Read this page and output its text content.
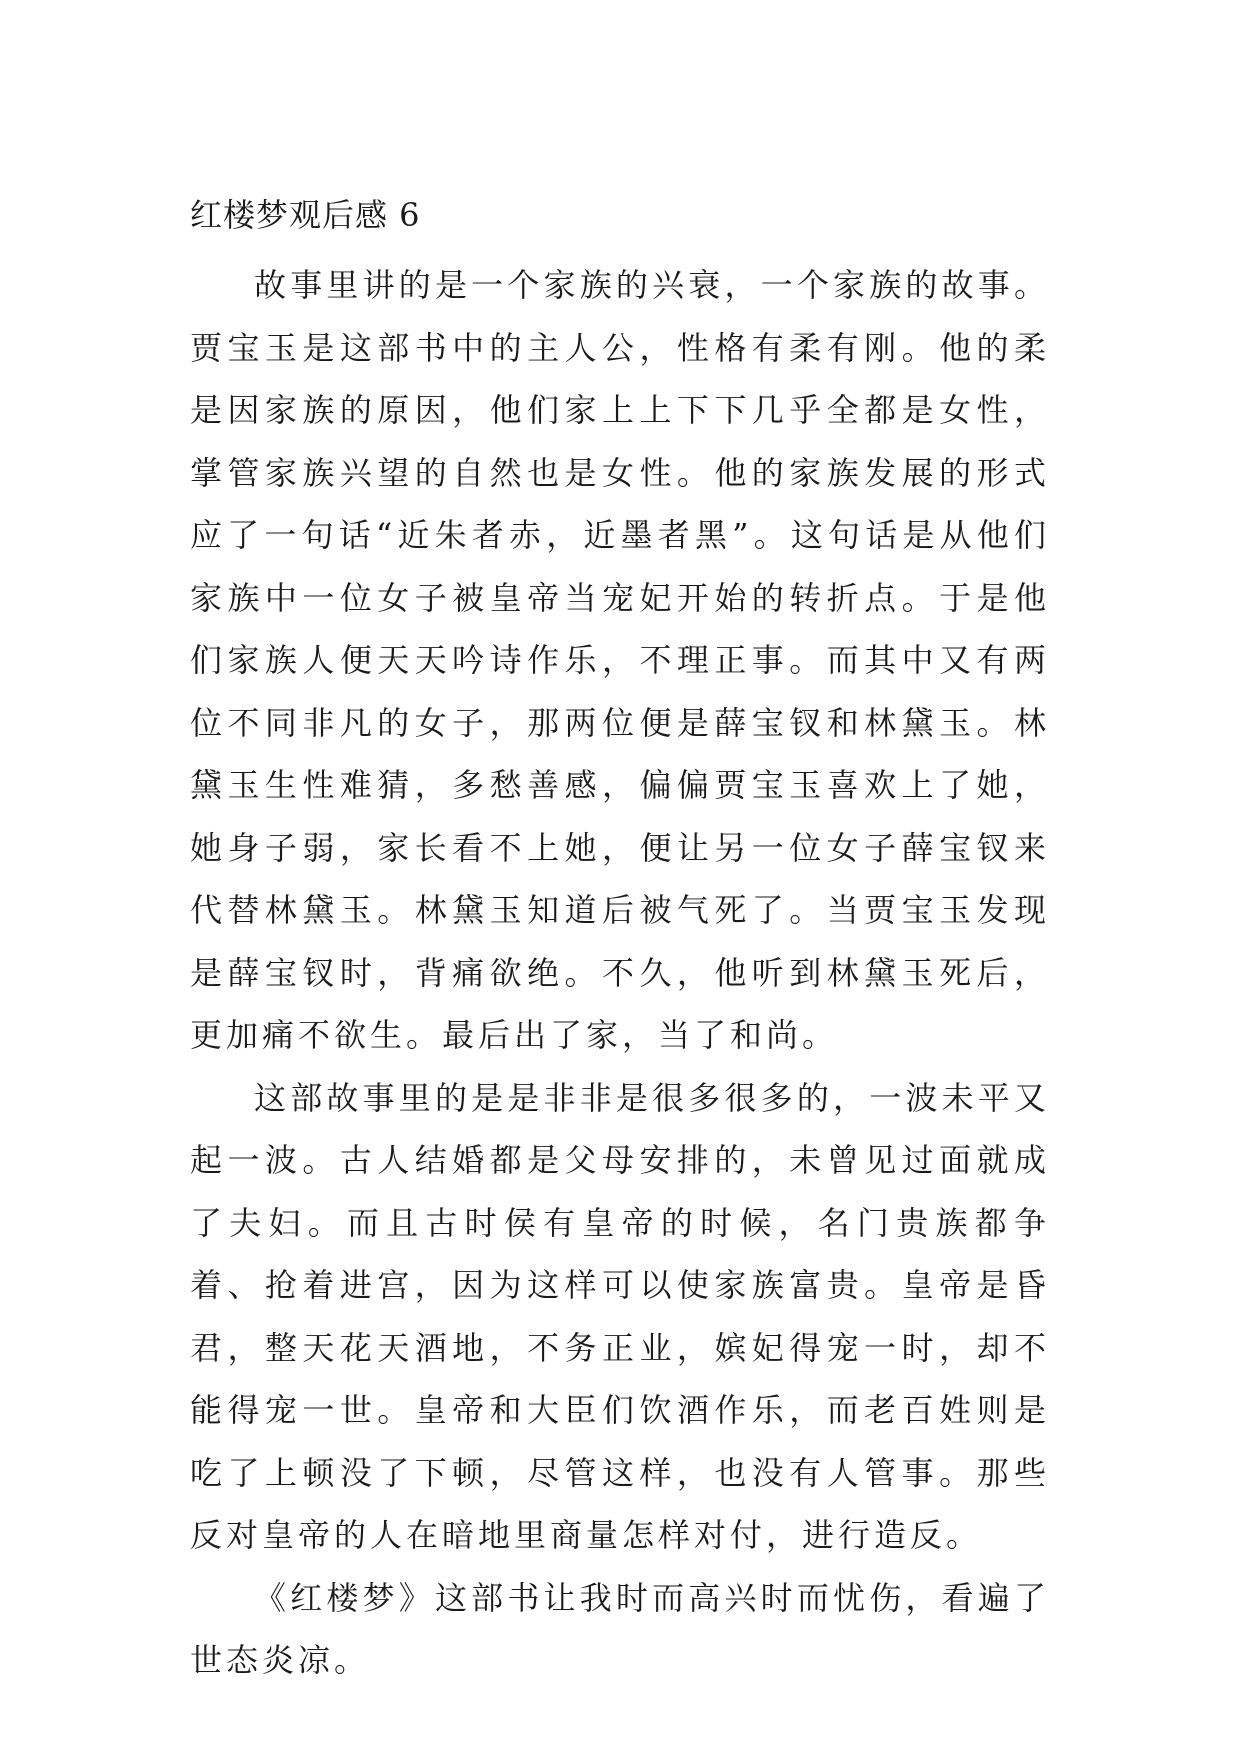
红楼梦观后感 6

故事里讲的是一个家族的兴衰，一个家族的故事。贾宝玉是这部书中的主人公，性格有柔有刚。他的柔是因家族的原因，他们家上上下下几乎全都是女性，掌管家族兴望的自然也是女性。他的家族发展的形式应了一句话“近朱者赤，近墨者黑”。这句话是从他们家族中一位女子被皇帝当宠妃开始的转折点。于是他们家族人便天天吟诗作乐，不理正事。而其中又有两位不同非凡的女子，那两位便是薛宝钗和林黛玉。林黛玉生性难猜，多愁善感，偏偏贾宝玉喜欢上了她，她身子弱，家长看不上她，便让另一位女子薛宝钗来代替林黛玉。林黛玉知道后被气死了。当贾宝玉发现是薛宝钗时，背痛欲绝。不久，他听到林黛玉死后，更加痛不欲生。最后出了家，当了和尚。

这部故事里的是是非非是很多很多的，一波未平又起一波。古人结婚都是父母安排的，未曾见过面就成了夫妇。而且古时侯有皇帝的时候，名门贵族都争着、抢着进宫，因为这样可以使家族富贵。皇帝是昏君，整天花天酒地，不务正业，嫔妃得宠一时，却不能得宠一世。皇帝和大臣们饮酒作乐，而老百姓则是吃了上顿没了下顿，尽管这样，也没有人管事。那些反对皇帝的人在暗地里商量怎样对付，进行造反。

《红楼梦》这部书让我时而高兴时而忧伤，看遍了世态炎凉。
